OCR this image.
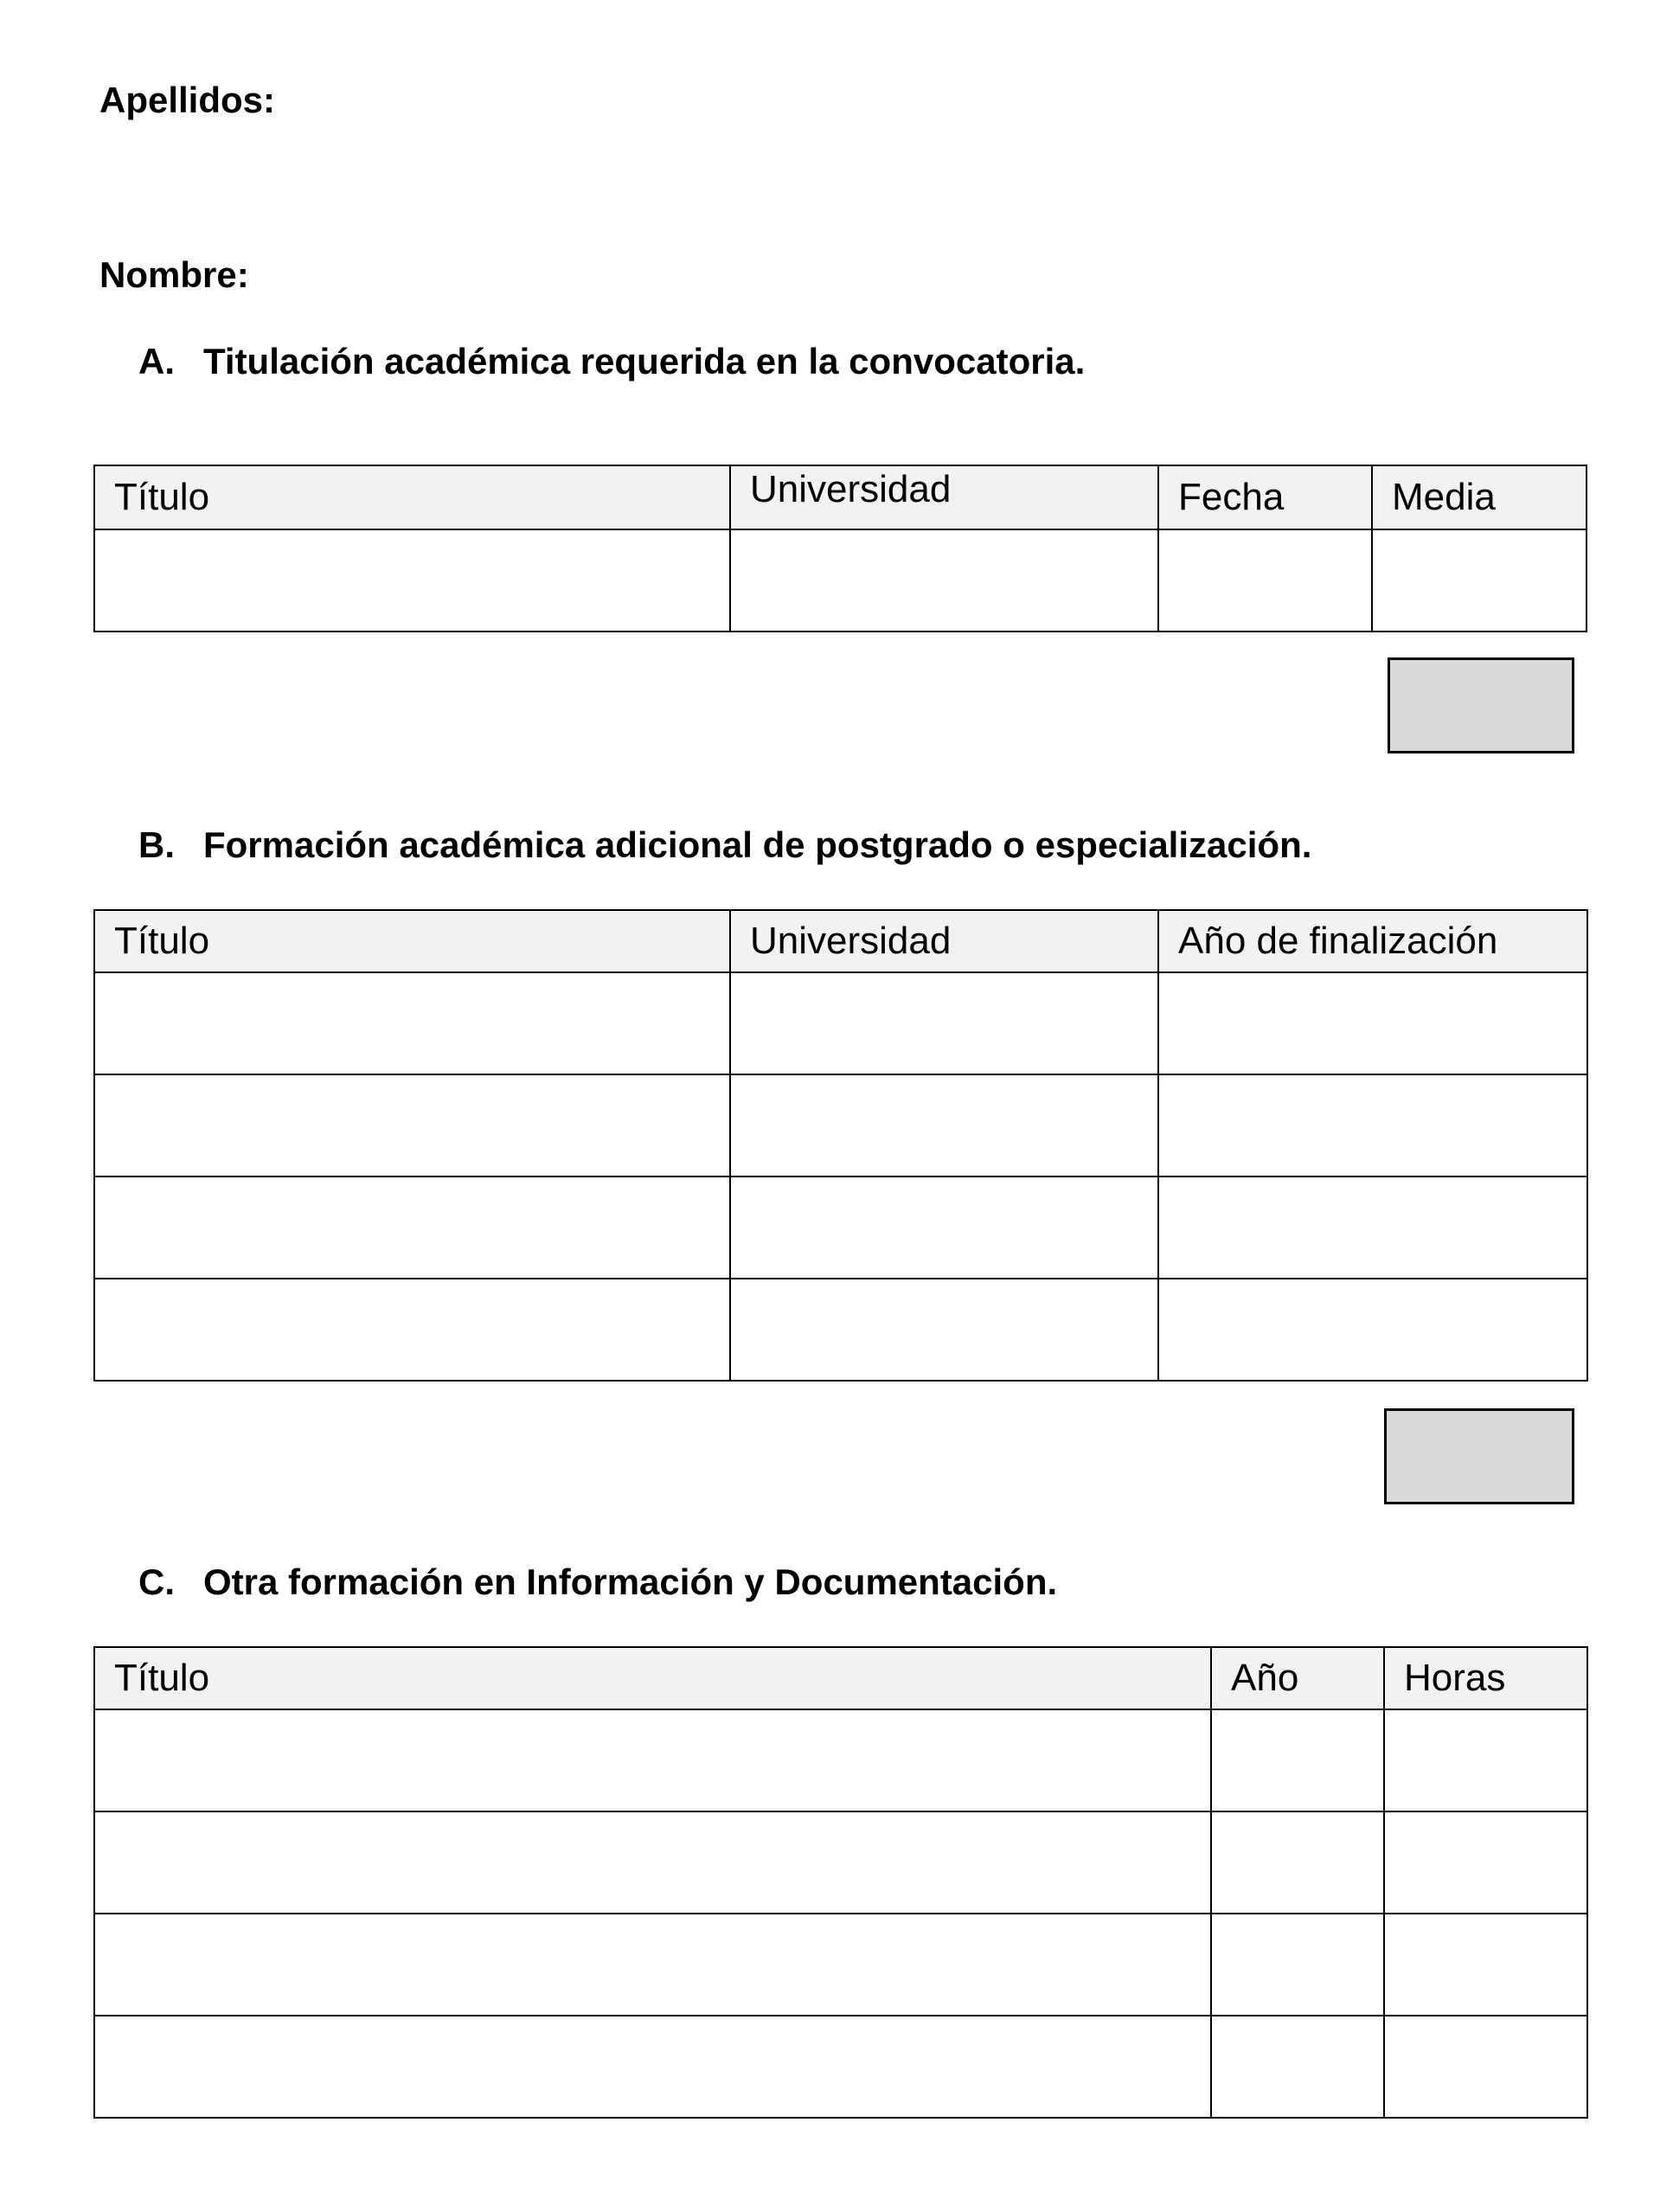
Apellidos:

Nombre:

A. Titulación académica requerida en la convocatoria.
Título	Universidad	Fecha	Media

B. Formación académica adicional de postgrado o especialización.
Título	Universidad	Año de finalización

C. Otra formación en Información y Documentación.
Título	Año	Horas
